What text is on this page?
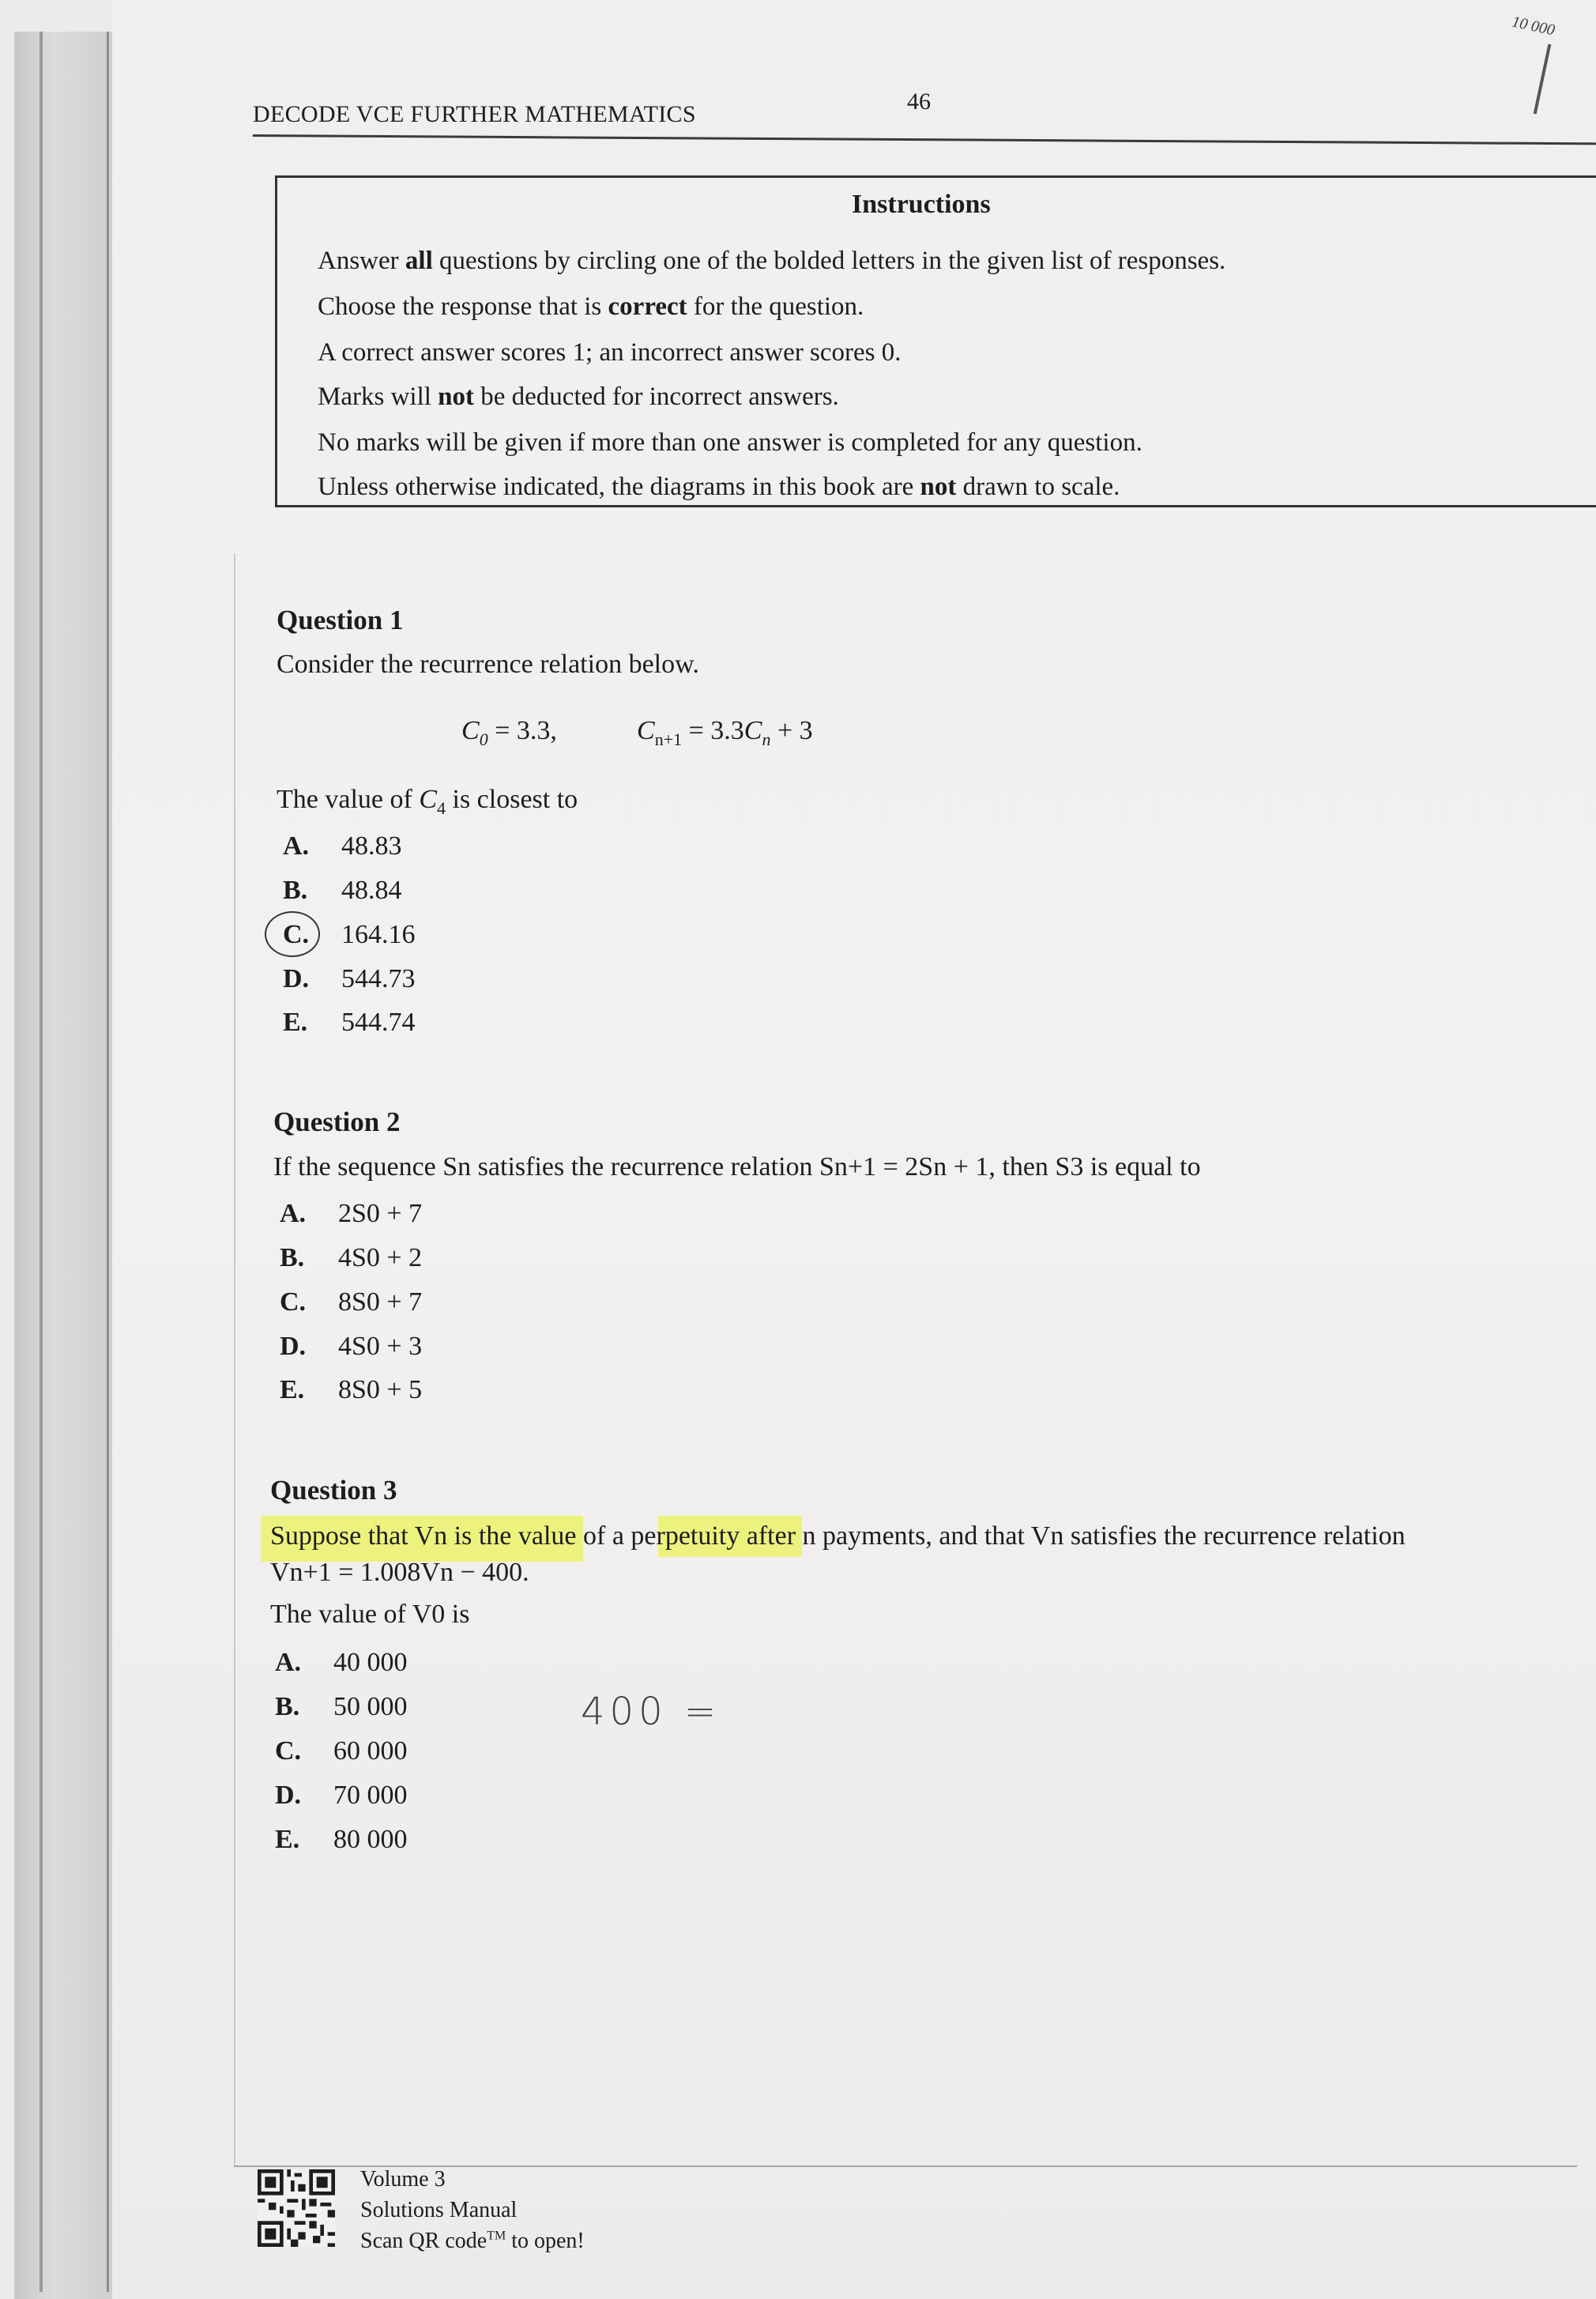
10 000
DECODE VCE FURTHER MATHEMATICS	46
Instructions
Answer all questions by circling one of the bolded letters in the given list of responses.
Choose the response that is correct for the question.
A correct answer scores 1; an incorrect answer scores 0.
Marks will not be deducted for incorrect answers.
No marks will be given if more than one answer is completed for any question.
Unless otherwise indicated, the diagrams in this book are not drawn to scale.
Question 1
Consider the recurrence relation below.
$C_0 = 3.3$,	$C_{n+1} = 3.3C_n + 3$
The value of $C_4$ is closest to
A. 48.83
B. 48.84
C. 164.16
D. 544.73
E. 544.74
Question 2
If the sequence Sn satisfies the recurrence relation Sn+1 = 2Sn + 1, then S3 is equal to
A. 2S0 + 7
B. 4S0 + 2
C. 8S0 + 7
D. 4S0 + 3
E. 8S0 + 5
Question 3
Suppose that Vn is the value of a perpetuity after n payments, and that Vn satisfies the recurrence relation
Vn+1 = 1.008Vn − 400.
The value of V0 is
A. 40 000
B. 50 000
C. 60 000
D. 70 000
E. 80 000
400 =
Volume 3
Solutions Manual
Scan QR code™ to open!
